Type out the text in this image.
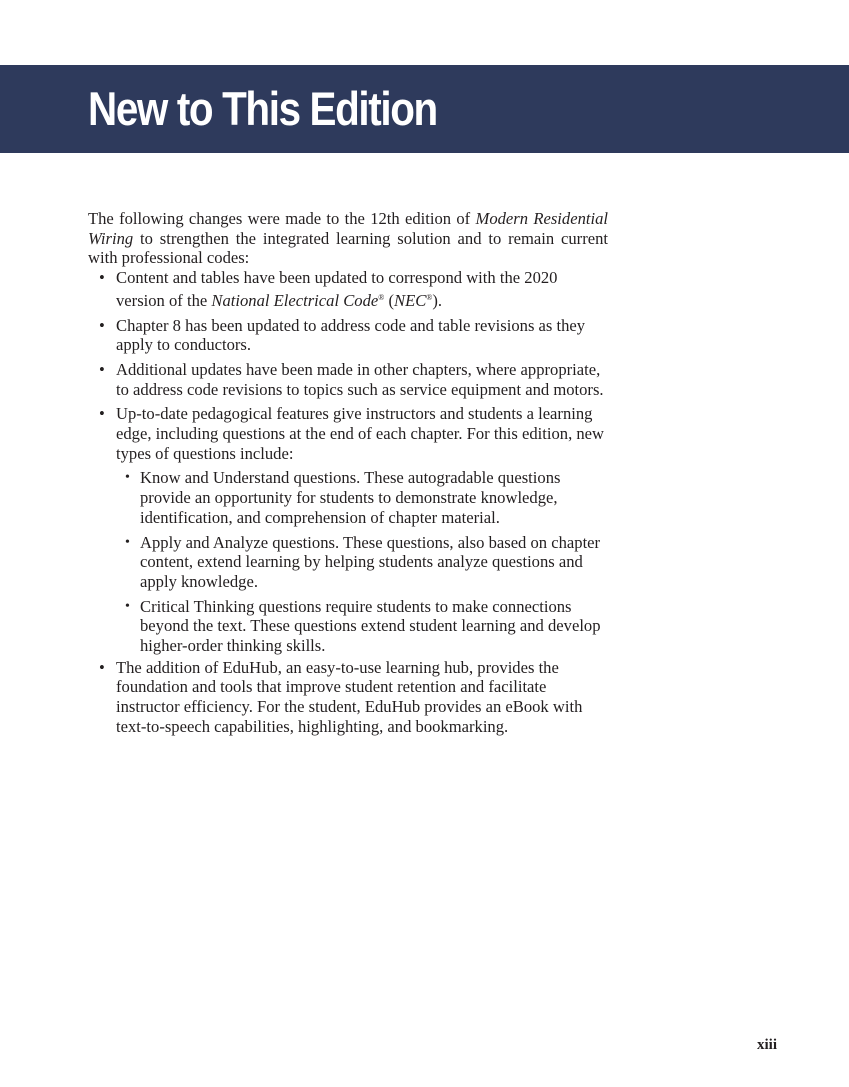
New to This Edition

The following changes were made to the 12th edition of Modern Residential Wiring to strengthen the integrated learning solution and to remain current with professional codes:

• Content and tables have been updated to correspond with the 2020 version of the National Electrical Code® (NEC®).
• Chapter 8 has been updated to address code and table revisions as they apply to conductors.
• Additional updates have been made in other chapters, where appropriate, to address code revisions to topics such as service equipment and motors.
• Up-to-date pedagogical features give instructors and students a learning edge, including questions at the end of each chapter. For this edition, new types of questions include:
• Know and Understand questions. These autogradable questions provide an opportunity for students to demonstrate knowledge, identification, and comprehension of chapter material.
• Apply and Analyze questions. These questions, also based on chapter content, extend learning by helping students analyze questions and apply knowledge.
• Critical Thinking questions require students to make connections beyond the text. These questions extend student learning and develop higher-order thinking skills.
• The addition of EduHub, an easy-to-use learning hub, provides the foundation and tools that improve student retention and facilitate instructor efficiency. For the student, EduHub provides an eBook with text-to-speech capabilities, highlighting, and bookmarking.
xiii
